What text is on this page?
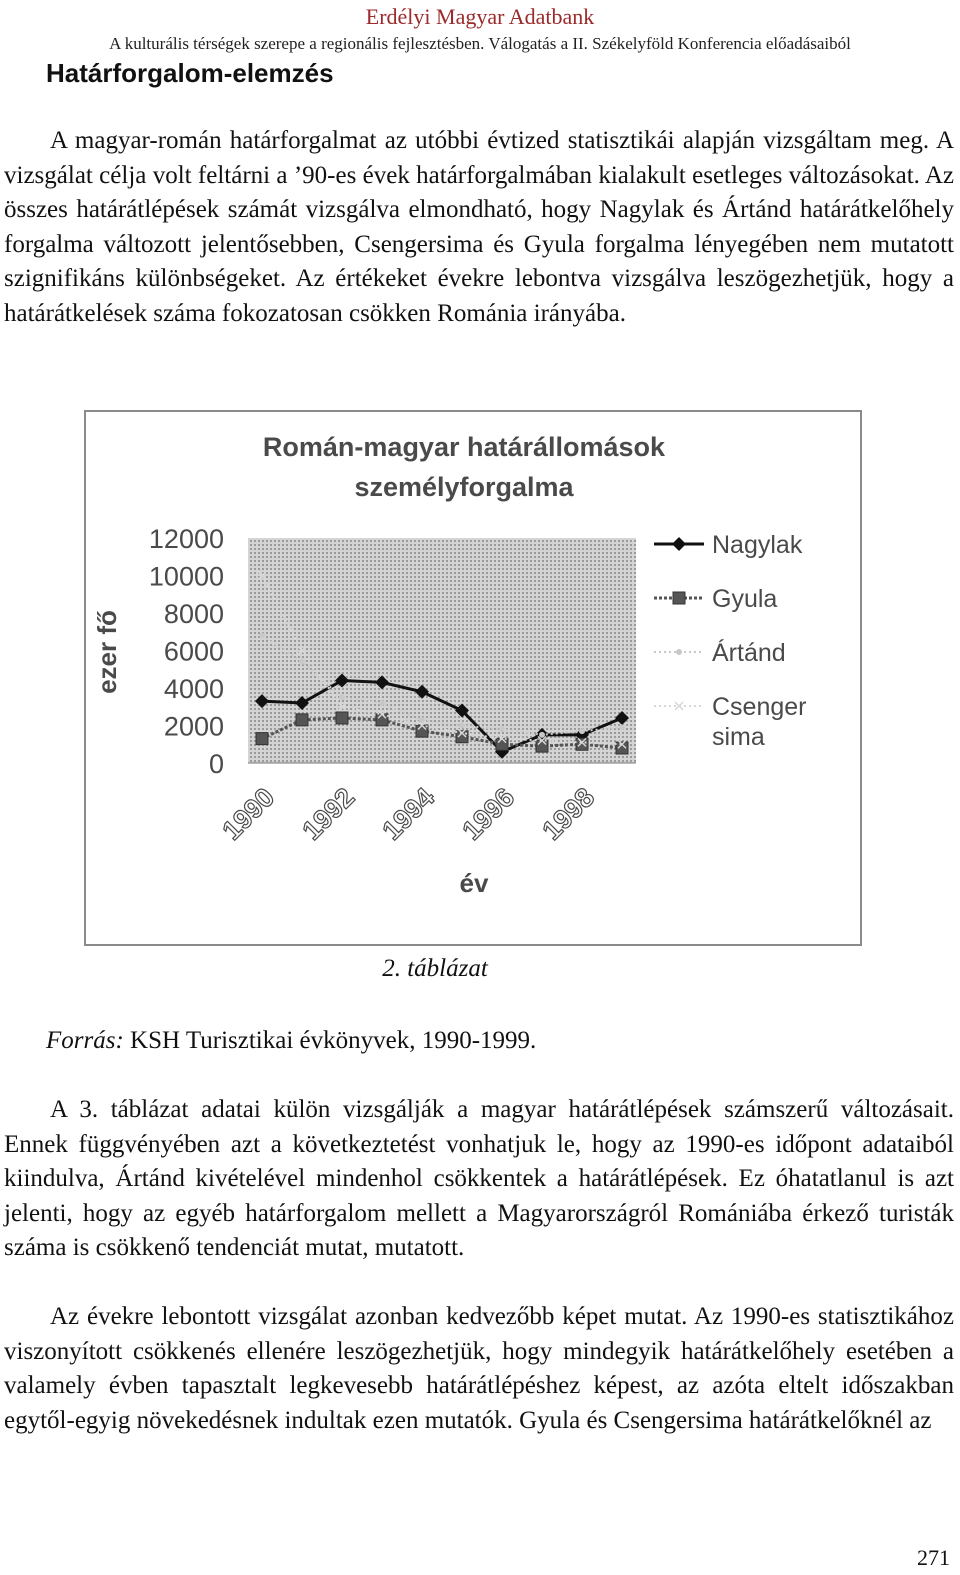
Erdélyi Magyar Adatbank
A kulturális térségek szerepe a regionális fejlesztésben. Válogatás a II. Székelyföld Konferencia előadásaiból
Határforgalom-elemzés
A magyar-román határforgalmat az utóbbi évtized statisztikái alapján vizsgáltam meg. A vizsgálat célja volt feltárni a ’90-es évek határforgalmában kialakult esetleges változásokat. Az összes határátlépések számát vizsgálva elmondható, hogy Nagylak és Ártánd határátkelőhely forgalma változott jelentősebben, Csengersima és Gyula forgalma lényegében nem mutatott szignifikáns különbségeket. Az értékeket évekre lebontva vizsgálva leszögezhetjük, hogy a határátkelések száma fokozatosan csökken Románia irányába.
Román-magyar határállomások
személyforgalma
0
2000
4000
6000
8000
10000
12000
ezer fő
1990 1992 1994 1996 1998
év
Nagylak
Gyula
Ártánd
Csenger sima
2. táblázat
Forrás: KSH Turisztikai évkönyvek, 1990-1999.
A 3. táblázat adatai külön vizsgálják a magyar határátlépések számszerű változásait. Ennek függvényében azt a következtetést vonhatjuk le, hogy az 1990-es időpont adataiból kiindulva, Ártánd kivételével mindenhol csökkentek a határátlépések. Ez óhatatlanul is azt jelenti, hogy az egyéb határforgalom mellett a Magyarországról Romániába érkező turisták száma is csökkenő tendenciát mutat, mutatott.
Az évekre lebontott vizsgálat azonban kedvezőbb képet mutat. Az 1990-es statisztikához viszonyított csökkenés ellenére leszögezhetjük, hogy mindegyik határátkelőhely esetében a valamely évben tapasztalt legkevesebb határátlépéshez képest, az azóta eltelt időszakban egytől-egyig növekedésnek indultak ezen mutatók. Gyula és Csengersima határátkelőknél az
271
